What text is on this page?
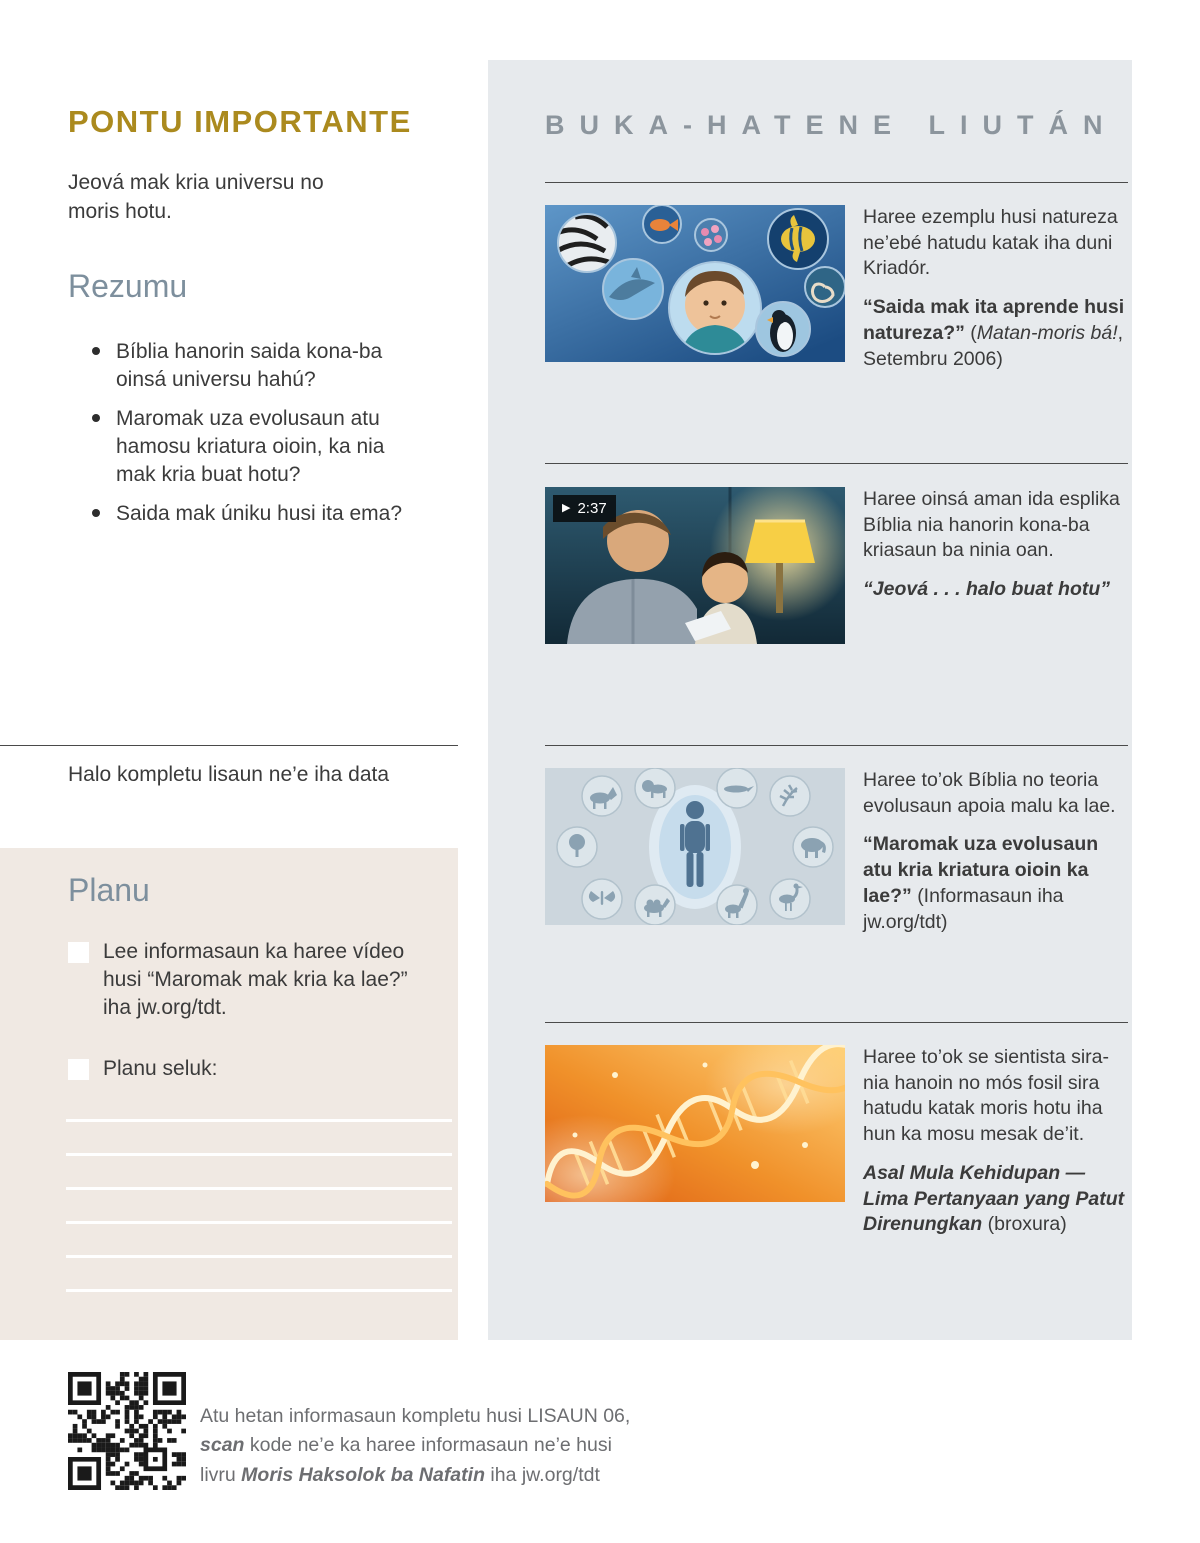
PONTU IMPORTANTE

Jeová mak kria universu no moris hotu.

Rezumu
Bíblia hanorin saida kona-ba oinsá universu hahú?
Maromak uza evolusaun atu hamosu kriatura oioin, ka nia mak kria buat hotu?
Saida mak úniku husi ita ema?

Halo kompletu lisaun ne’e iha data

Planu
Lee informasaun ka haree vídeo husi “Maromak mak kria ka lae?” iha jw.org/tdt.
Planu seluk:
BUKA-HATENE LIUTÁN

Haree ezemplu husi natureza ne’ebé hatudu katak iha duni Kriadór.

“Saida mak ita aprende husi natureza?” (Matan-moris bá!, Setembru 2006)

▶ 2:37	Haree oinsá aman ida esplika Bíblia nia hanorin kona-ba kriasaun ba ninia oan.

“Jeová . . . halo buat hotu”

Haree to’ok Bíblia no teoria evolusaun apoia malu ka lae.

“Maromak uza evolusaun atu kria kriatura oioin ka lae?” (Informasaun iha jw.org/tdt)

Haree to’ok se sientista sira-nia hanoin no mós fosil sira hatudu katak moris hotu iha hun ka mosu mesak de’it.

Asal Mula Kehidupan —Lima Pertanyaan yang Patut Direnungkan (broxura)

Atu hetan informasaun kompletu husi LISAUN 06, scan kode ne’e ka haree informasaun ne’e husi livru Moris Haksolok ba Nafatin iha jw.org/tdt
